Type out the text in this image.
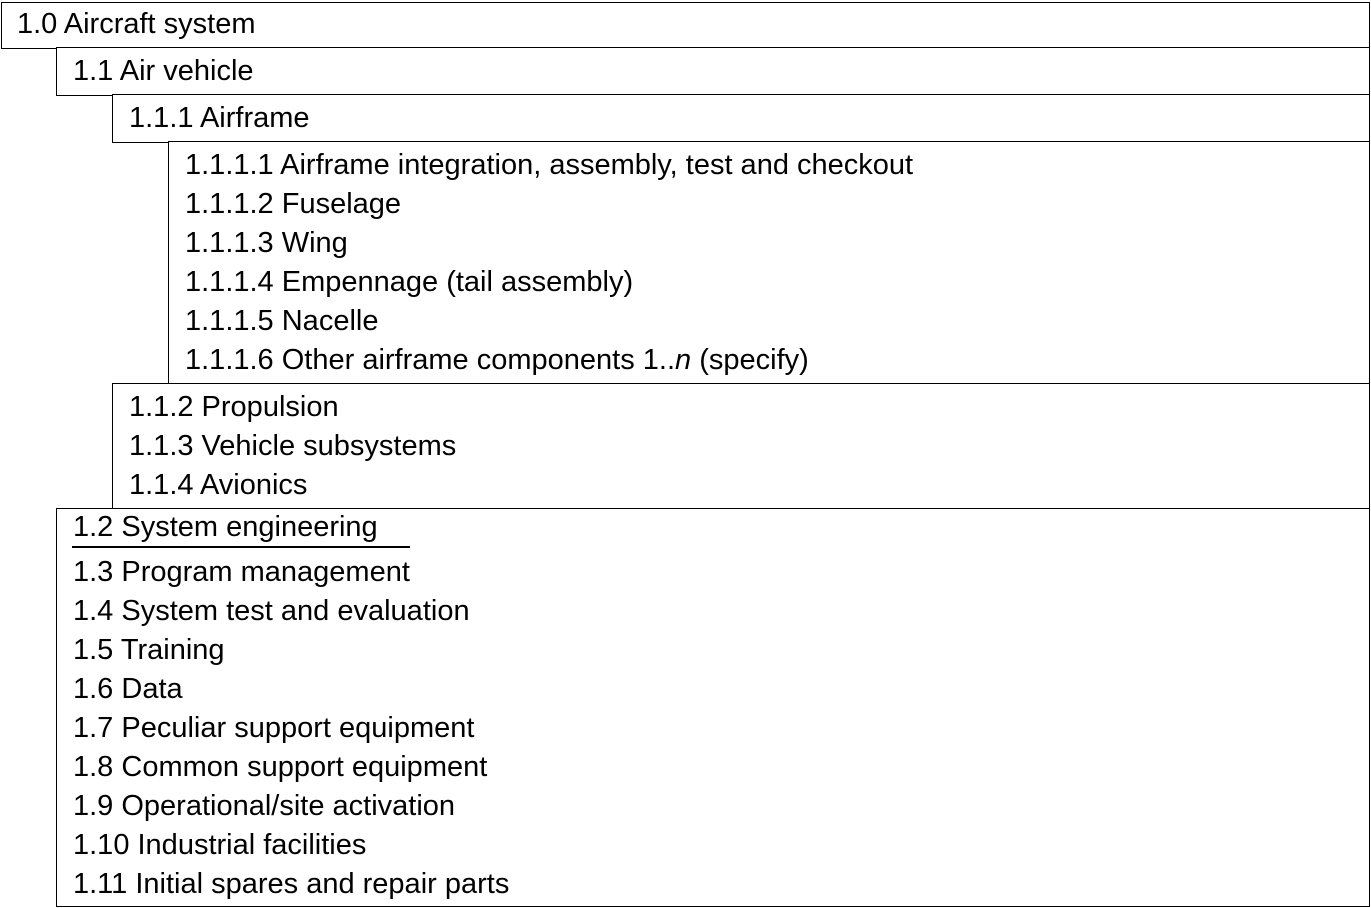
1.0 Aircraft system
1.1 Air vehicle
1.1.1 Airframe
1.1.1.1 Airframe integration, assembly, test and checkout
1.1.1.2 Fuselage
1.1.1.3 Wing
1.1.1.4 Empennage (tail assembly)
1.1.1.5 Nacelle
1.1.1.6 Other airframe components 1..n (specify)
1.1.2 Propulsion
1.1.3 Vehicle subsystems
1.1.4 Avionics
1.2 System engineering
1.3 Program management
1.4 System test and evaluation
1.5 Training
1.6 Data
1.7 Peculiar support equipment
1.8 Common support equipment
1.9 Operational/site activation
1.10 Industrial facilities
1.11 Initial spares and repair parts
